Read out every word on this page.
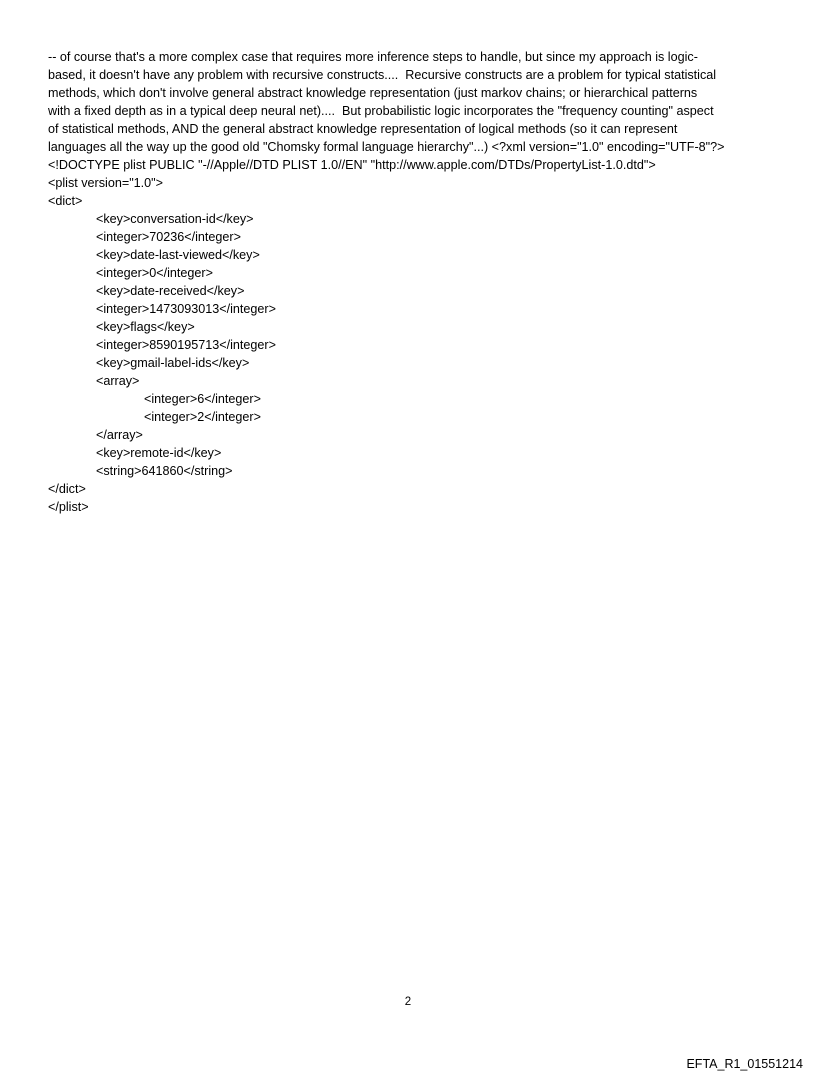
-- of course that's a more complex case that requires more inference steps to handle, but since my approach is logic-
based, it doesn't have any problem with recursive constructs....  Recursive constructs are a problem for typical statistical
methods, which don't involve general abstract knowledge representation (just markov chains; or hierarchical patterns
with a fixed depth as in a typical deep neural net)....  But probabilistic logic incorporates the "frequency counting" aspect
of statistical methods, AND the general abstract knowledge representation of logical methods (so it can represent
languages all the way up the good old "Chomsky formal language hierarchy"...) <?xml version="1.0" encoding="UTF-8"?>
<!DOCTYPE plist PUBLIC "-//Apple//DTD PLIST 1.0//EN" "http://www.apple.com/DTDs/PropertyList-1.0.dtd">
<plist version="1.0">
<dict>
<key>conversation-id</key>
<integer>70236</integer>
<key>date-last-viewed</key>
<integer>0</integer>
<key>date-received</key>
<integer>1473093013</integer>
<key>flags</key>
<integer>8590195713</integer>
<key>gmail-label-ids</key>
<array>
<integer>6</integer>
<integer>2</integer>
</array>
<key>remote-id</key>
<string>641860</string>
</dict>
</plist>
2
EFTA_R1_01551214
